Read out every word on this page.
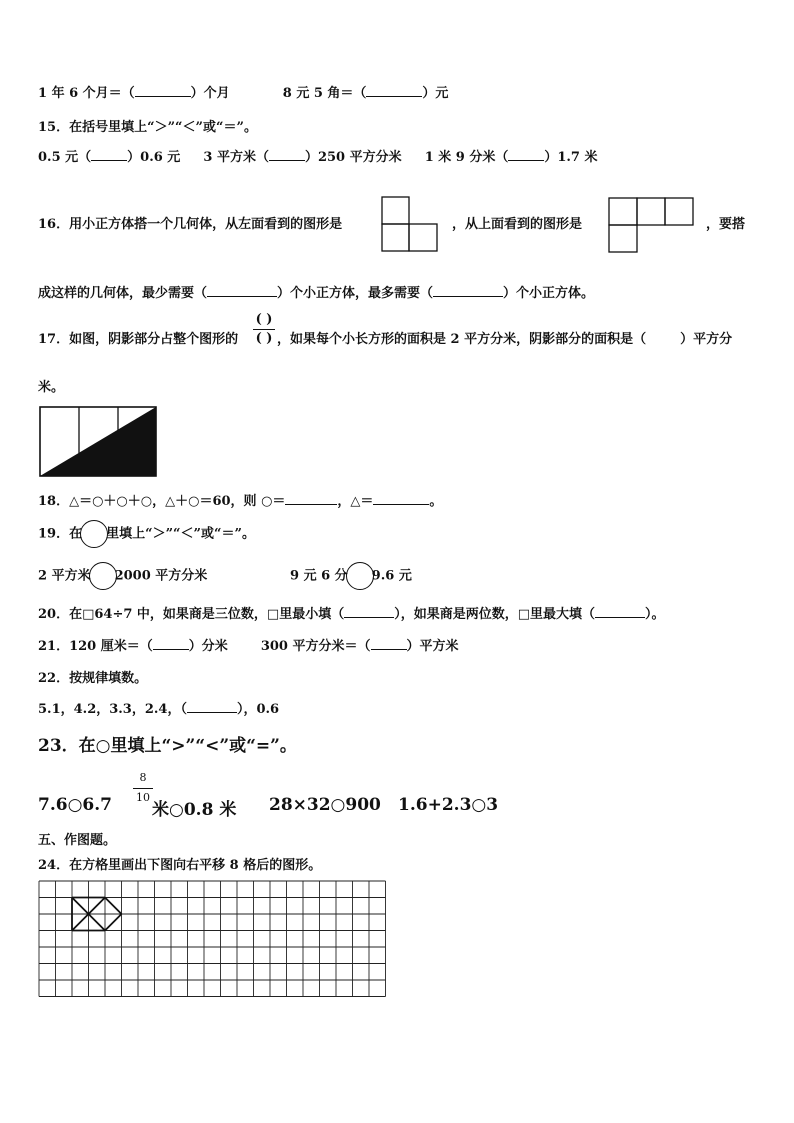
1 年 6 个月＝（	）个月	8 元 5 角＝（	）元
15．在括号里填上“＞”“＜”或“＝”。
0.5 元（	）0.6 元 3 平方米（	）250 平方分米 1 米 9 分米（	）1.7 米
16．用小正方体搭一个几何体，从左面看到的图形是	，从上面看到的图形是	，要搭
成这样的几何体，最少需要（	）个小正方体，最多需要（	）个小正方体。
17．如图，阴影部分占整个图形的
( )
( ) ，如果每个小长方形的面积是 2 平方分米，阴影部分的面积是（	）平方分
米。
18．△＝○＋○＋○，△＋○＝60，则 ○＝	，△＝	。
19．在 里填上“＞”“＜”或“＝”。
2 平方米 2000 平方分米	9 元 6 分 9.6 元
20．在□64÷7 中，如果商是三位数，□里最小填（	），如果商是两位数，□里最大填（	）。
21．120 厘米＝（	）分米	300 平方分米＝（	）平方米
22．按规律填数。
5.1，4.2，3.3，2.4，（	），0.6
23．在○里填上“>”“<”或“=”。
7.6○6.7
8
10
米○0.8 米 28×32○900 1.6+2.3○3
五、作图题。
24．在方格里画出下图向右平移 8 格后的图形。
